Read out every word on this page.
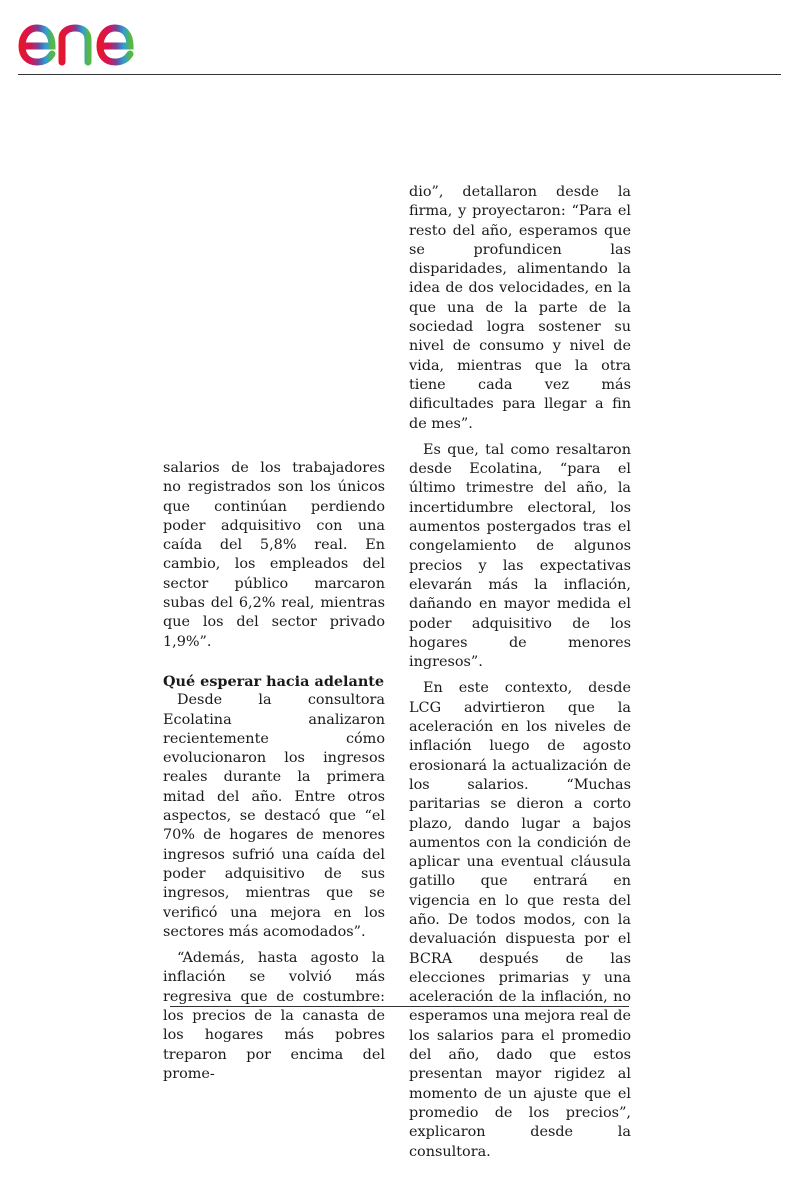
salarios de los trabajadores no registrados son los únicos que continúan perdiendo poder adquisitivo con una caída del 5,8% real. En cambio, los empleados del sector público marcaron subas del 6,2% real, mientras que los del sector privado 1,9%”.

Qué esperar hacia adelante

Desde la consultora Ecolatina analizaron recientemente cómo evolucionaron los ingresos reales durante la primera mitad del año. Entre otros aspectos, se destacó que “el 70% de hogares de menores ingresos sufrió una caída del poder adquisitivo de sus ingresos, mientras que se verificó una mejora en los sectores más acomodados”.

“Además, hasta agosto la inflación se volvió más regresiva que de costumbre: los precios de la canasta de los hogares más pobres treparon por encima del prome-

dio”, detallaron desde la firma, y proyectaron: “Para el resto del año, esperamos que se profundicen las disparidades, alimentando la idea de dos velocidades, en la que una de la parte de la sociedad logra sostener su nivel de consumo y nivel de vida, mientras que la otra tiene cada vez más dificultades para llegar a fin de mes”.

Es que, tal como resaltaron desde Ecolatina, “para el último trimestre del año, la incertidumbre electoral, los aumentos postergados tras el congelamiento de algunos precios y las expectativas elevarán más la inflación, dañando en mayor medida el poder adquisitivo de los hogares de menores ingresos”.

En este contexto, desde LCG advirtieron que la aceleración en los niveles de inflación luego de agosto erosionará la actualización de los salarios. “Muchas paritarias se dieron a corto plazo, dando lugar a bajos aumentos con la condición de aplicar una eventual cláusula gatillo que entrará en vigencia en lo que resta del año. De todos modos, con la devaluación dispuesta por el BCRA después de las elecciones primarias y una aceleración de la inflación, no esperamos una mejora real de los salarios para el promedio del año, dado que estos presentan mayor rigidez al momento de un ajuste que el promedio de los precios”, explicaron desde la consultora.
